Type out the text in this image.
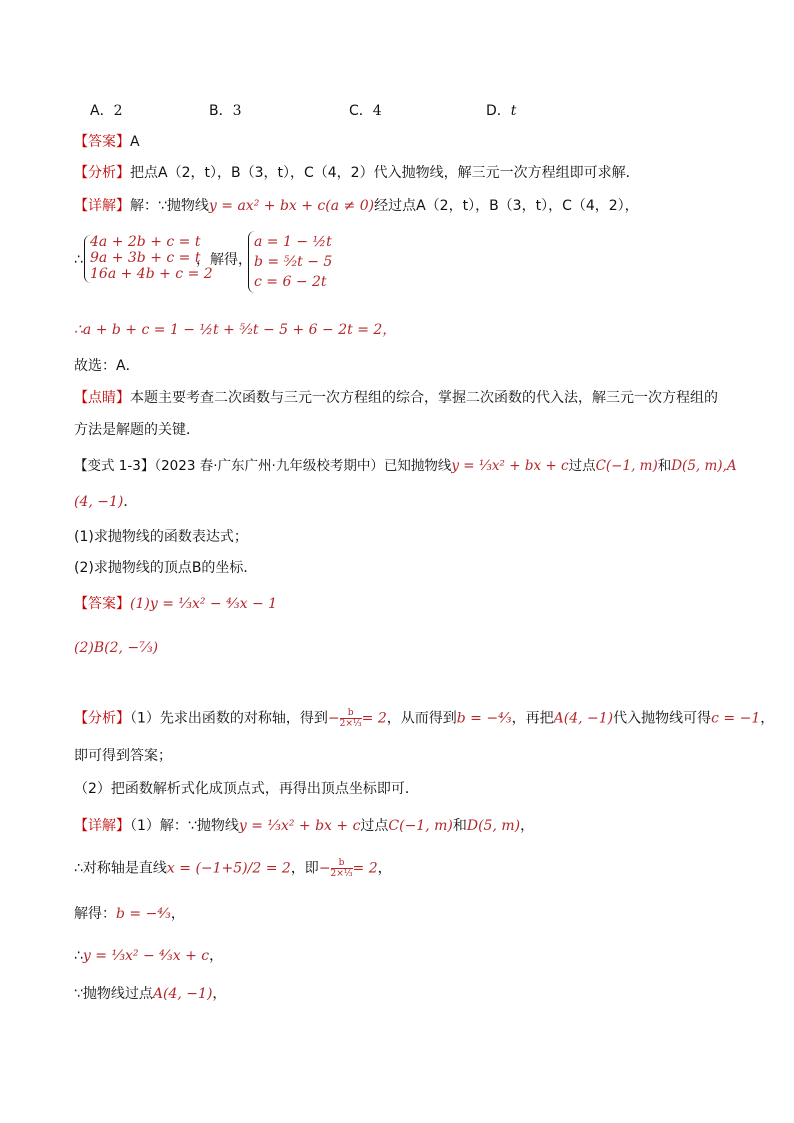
A．2	B．3	C．4	D．t
【答案】A
【分析】把点A（2，t），B（3，t），C（4，2）代入抛物线，解三元一次方程组即可求解．
【详解】解：∵抛物线y = ax² + bx + c(a ≠ 0)经过点A（2，t），B（3，t），C（4，2），
∴
4a + 2b + c = t
9a + 3b + c = t
16a + 4b + c = 2
，解得，
a = 1 − ½t
b = ⁵⁄₂t − 5
c = 6 − 2t
∴a + b + c = 1 − ½t + ⁵⁄₂t − 5 + 6 − 2t = 2，
故选：A．
【点睛】本题主要考查二次函数与三元一次方程组的综合，掌握二次函数的代入法，解三元一次方程组的
方法是解题的关键．
【变式 1-3】（2023 春·广东广州·九年级校考期中）已知抛物线y = ⅓x² + bx + c过点C(−1, m)和D(5, m),A
(4, −1)．
(1)求抛物线的函数表达式；
(2)求抛物线的顶点B的坐标．
【答案】(1)y = ⅓x² − ⁴⁄₃x − 1
(2)B(2, −⁷⁄₃)
【分析】（1）先求出函数的对称轴，得到− $\frac{b}{\text{2×⅓}} = 2$，从而得到b = −⁴⁄₃，再把A(4, −1)代入抛物线可得c = −1，
即可得到答案；
（2）把函数解析式化成顶点式，再得出顶点坐标即可．
【详解】（1）解：∵抛物线y = ⅓x² + bx + c过点C(−1, m)和D(5, m)，
∴对称轴是直线x = (−1+5)/2 = 2，即− $\frac{b}{\text{2×⅓}} = 2$，
解得：b = −⁴⁄₃，
∴y = ⅓x² − ⁴⁄₃x + c，
∵抛物线过点A(4, −1)，
